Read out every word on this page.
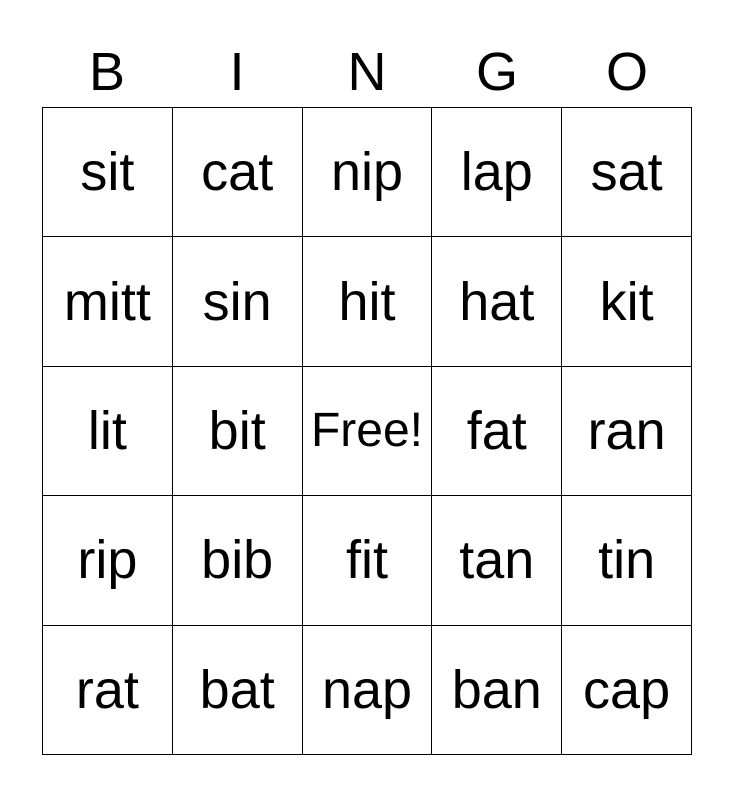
B	I	N	G	O
sit	cat	nip	lap	sat
mitt	sin	hit	hat	kit
lit	bit	Free!	fat	ran
rip	bib	fit	tan	tin
rat	bat	nap	ban	cap
